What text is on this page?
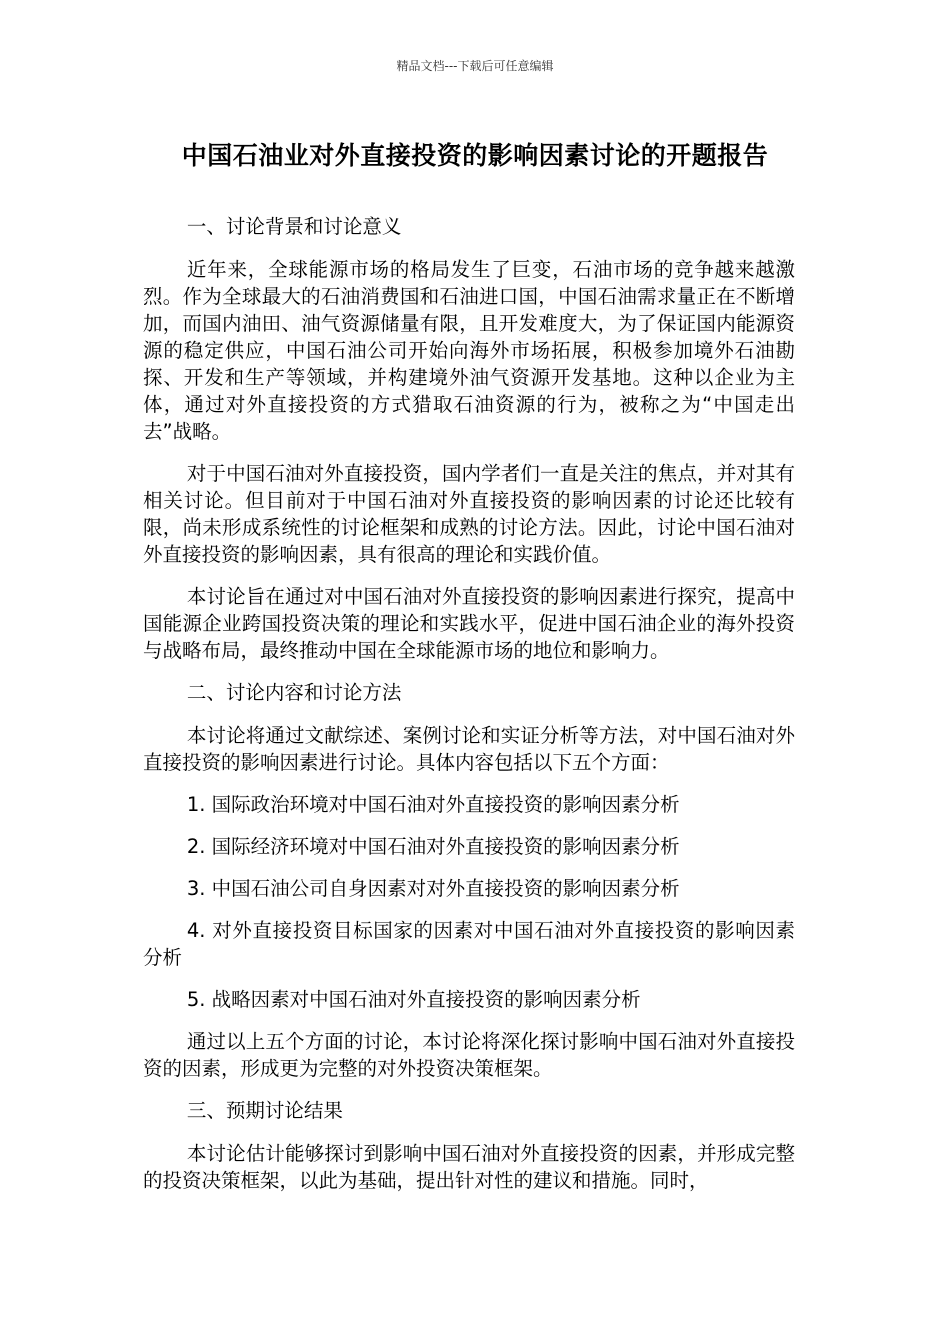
精品文档---下载后可任意编辑
中国石油业对外直接投资的影响因素讨论的开题报告
一、讨论背景和讨论意义
近年来，全球能源市场的格局发生了巨变，石油市场的竞争越来越激烈。作为全球最大的石油消费国和石油进口国，中国石油需求量正在不断增加，而国内油田、油气资源储量有限，且开发难度大，为了保证国内能源资源的稳定供应，中国石油公司开始向海外市场拓展，积极参加境外石油勘探、开发和生产等领域，并构建境外油气资源开发基地。这种以企业为主体，通过对外直接投资的方式猎取石油资源的行为，被称之为“中国走出去”战略。
对于中国石油对外直接投资，国内学者们一直是关注的焦点，并对其有相关讨论。但目前对于中国石油对外直接投资的影响因素的讨论还比较有限，尚未形成系统性的讨论框架和成熟的讨论方法。因此，讨论中国石油对外直接投资的影响因素，具有很高的理论和实践价值。
本讨论旨在通过对中国石油对外直接投资的影响因素进行探究，提高中国能源企业跨国投资决策的理论和实践水平，促进中国石油企业的海外投资与战略布局，最终推动中国在全球能源市场的地位和影响力。
二、讨论内容和讨论方法
本讨论将通过文献综述、案例讨论和实证分析等方法，对中国石油对外直接投资的影响因素进行讨论。具体内容包括以下五个方面：
1. 国际政治环境对中国石油对外直接投资的影响因素分析
2. 国际经济环境对中国石油对外直接投资的影响因素分析
3. 中国石油公司自身因素对对外直接投资的影响因素分析
4. 对外直接投资目标国家的因素对中国石油对外直接投资的影响因素分析
5. 战略因素对中国石油对外直接投资的影响因素分析
通过以上五个方面的讨论，本讨论将深化探讨影响中国石油对外直接投资的因素，形成更为完整的对外投资决策框架。
三、预期讨论结果
本讨论估计能够探讨到影响中国石油对外直接投资的因素，并形成完整的投资决策框架，以此为基础，提出针对性的建议和措施。同时，
